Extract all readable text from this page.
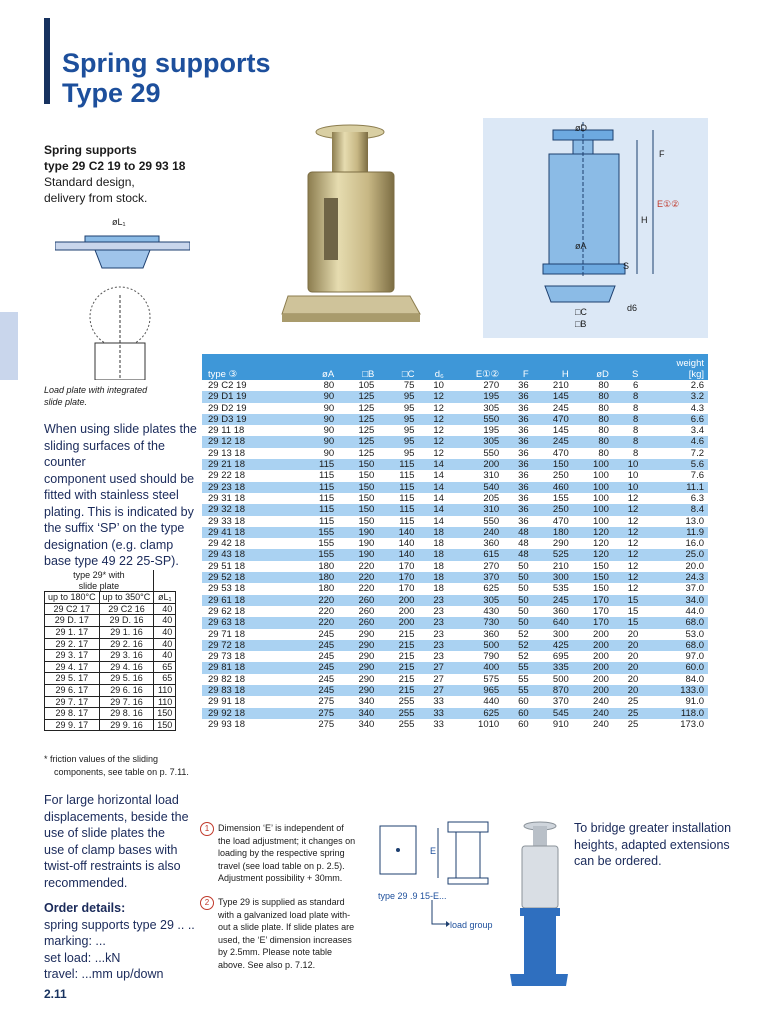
Spring supports
Type 29
Spring supports
type 29 C2 19 to 29 93 18
Standard design,
delivery from stock.
øD
F
H
E①②
øA
S
□C
□B
d6
øL₁
Load plate with integrated
slide plate.
When using slide plates the
sliding surfaces of the counter
component used should be
fitted with stainless steel
plating. This is indicated by
the suffix ‘SP’ on the type
designation (e.g. clamp
base type 49 22 25-SP).
type 29* with		
slide plate		
up to 180°C	up to 350°C	øL₁
29 C2 17	29 C2 16	40
29 D. 17	29 D. 16	40
29 1. 17	29 1. 16	40
29 2. 17	29 2. 16	40
29 3. 17	29 3. 16	40
29 4. 17	29 4. 16	65
29 5. 17	29 5. 16	65
29 6. 17	29 6. 16	110
29 7. 17	29 7. 16	110
29 8. 17	29 8. 16	150
29 9. 17	29 9. 16	150
* friction values of the sliding
components, see table on p. 7.11.
For large horizontal load
displacements, beside the
use of slide plates the
use of clamp bases with
twist-off restraints is also
recommended.
Order details:
spring supports type 29 .. ..
marking: ...
set load: ...kN
travel: ...mm up/down
2.11
type ③	øA	□B	□C	d₆	E①②	F	H	øD	S	weight
[kg]
29 C2 19	80	105	75	10	270	36	210	80	6	2.6
29 D1 19	90	125	95	12	195	36	145	80	8	3.2
29 D2 19	90	125	95	12	305	36	245	80	8	4.3
29 D3 19	90	125	95	12	550	36	470	80	8	6.6
29 11 18	90	125	95	12	195	36	145	80	8	3.4
29 12 18	90	125	95	12	305	36	245	80	8	4.6
29 13 18	90	125	95	12	550	36	470	80	8	7.2
29 21 18	115	150	115	14	200	36	150	100	10	5.6
29 22 18	115	150	115	14	310	36	250	100	10	7.6
29 23 18	115	150	115	14	540	36	460	100	10	11.1
29 31 18	115	150	115	14	205	36	155	100	12	6.3
29 32 18	115	150	115	14	310	36	250	100	12	8.4
29 33 18	115	150	115	14	550	36	470	100	12	13.0
29 41 18	155	190	140	18	240	48	180	120	12	11.9
29 42 18	155	190	140	18	360	48	290	120	12	16.0
29 43 18	155	190	140	18	615	48	525	120	12	25.0
29 51 18	180	220	170	18	270	50	210	150	12	20.0
29 52 18	180	220	170	18	370	50	300	150	12	24.3
29 53 18	180	220	170	18	625	50	535	150	12	37.0
29 61 18	220	260	200	23	305	50	245	170	15	34.0
29 62 18	220	260	200	23	430	50	360	170	15	44.0
29 63 18	220	260	200	23	730	50	640	170	15	68.0
29 71 18	245	290	215	23	360	52	300	200	20	53.0
29 72 18	245	290	215	23	500	52	425	200	20	68.0
29 73 18	245	290	215	23	790	52	695	200	20	97.0
29 81 18	245	290	215	27	400	55	335	200	20	60.0
29 82 18	245	290	215	27	575	55	500	200	20	84.0
29 83 18	245	290	215	27	965	55	870	200	20	133.0
29 91 18	275	340	255	33	440	60	370	240	25	91.0
29 92 18	275	340	255	33	625	60	545	240	25	118.0
29 93 18	275	340	255	33	1010	60	910	240	25	173.0
1 Dimension ‘E’ is independent of
the load adjustment; it changes on
loading by the respective spring
travel (see load table on p. 2.5).
Adjustment possibility + 30mm.
2 Type 29 is supplied as standard
with a galvanized load plate with-
out a slide plate. If slide plates are
used, the ‘E’ dimension increases
by 2.5mm. Please note table
above. See also p. 7.12.
E
type 29 .9 15-E...
load group
To bridge greater installation
heights, adapted extensions
can be ordered.
